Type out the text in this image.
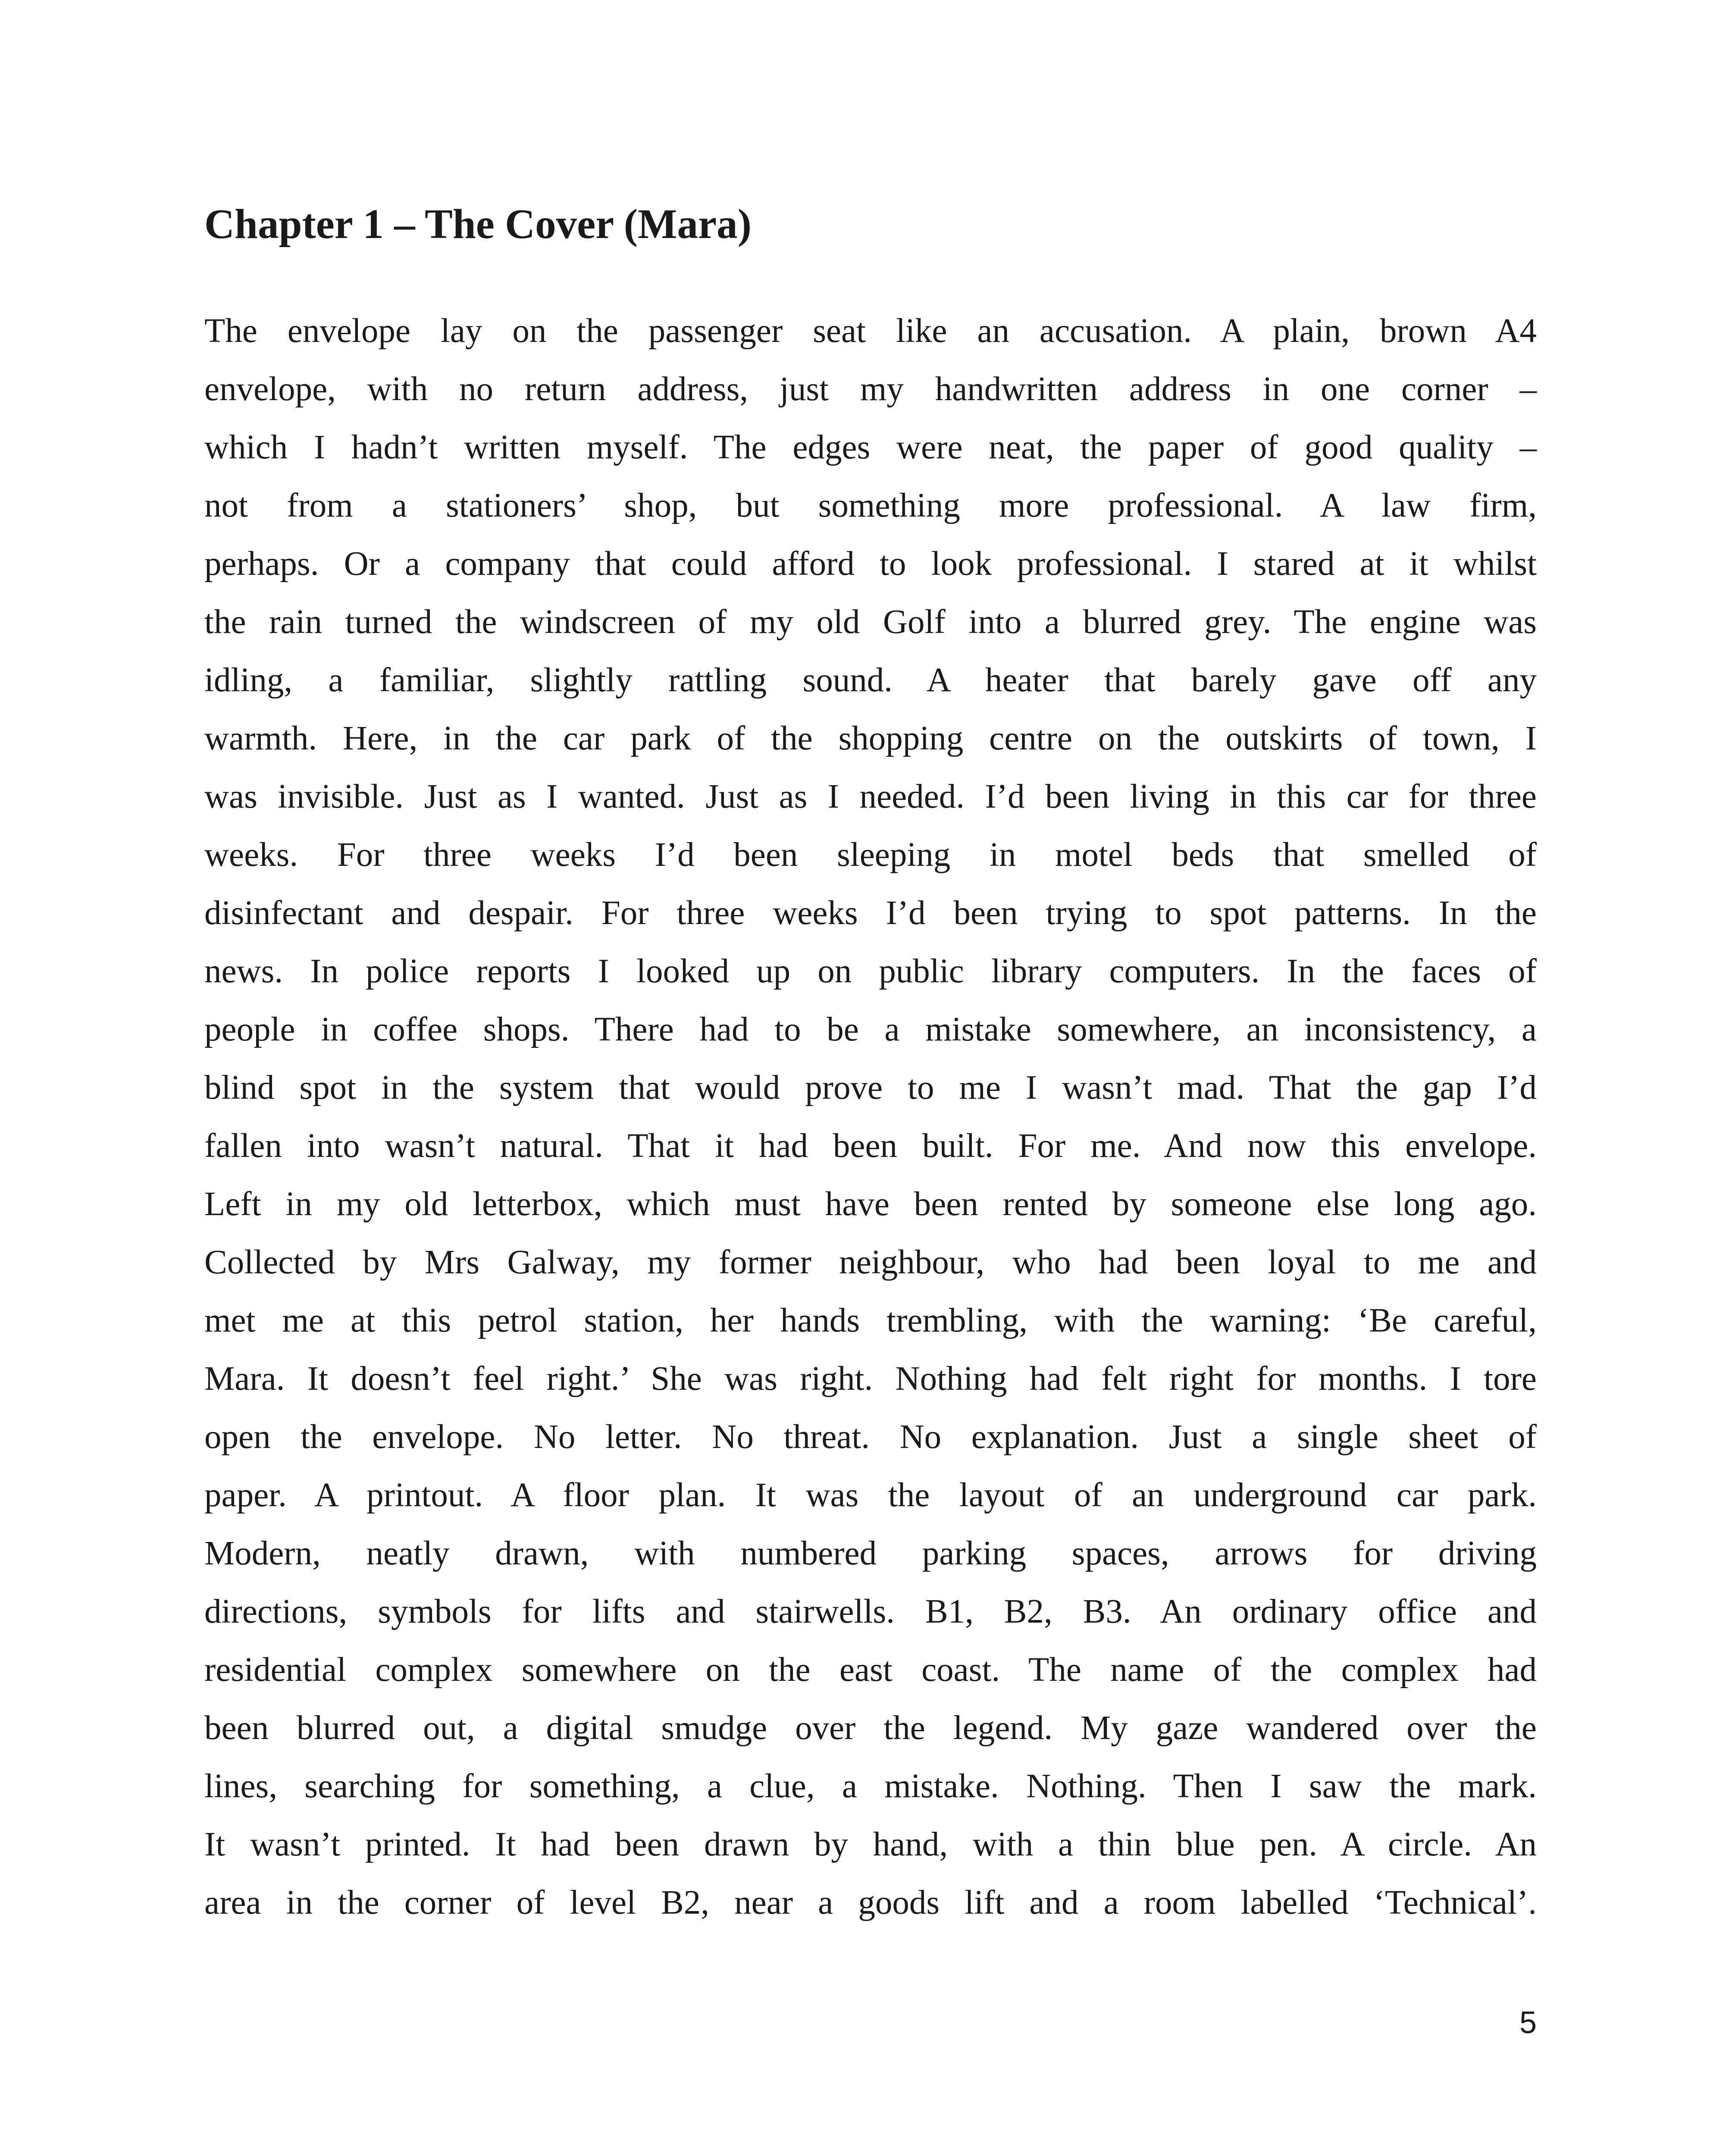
Chapter 1 – The Cover (Mara)
The envelope lay on the passenger seat like an accusation. A plain, brown A4
envelope, with no return address, just my handwritten address in one corner –
which I hadn’t written myself. The edges were neat, the paper of good quality –
not from a stationers’ shop, but something more professional. A law firm,
perhaps. Or a company that could afford to look professional. I stared at it whilst
the rain turned the windscreen of my old Golf into a blurred grey. The engine was
idling, a familiar, slightly rattling sound. A heater that barely gave off any
warmth. Here, in the car park of the shopping centre on the outskirts of town, I
was invisible. Just as I wanted. Just as I needed. I’d been living in this car for three
weeks. For three weeks I’d been sleeping in motel beds that smelled of
disinfectant and despair. For three weeks I’d been trying to spot patterns. In the
news. In police reports I looked up on public library computers. In the faces of
people in coffee shops. There had to be a mistake somewhere, an inconsistency, a
blind spot in the system that would prove to me I wasn’t mad. That the gap I’d
fallen into wasn’t natural. That it had been built. For me. And now this envelope.
Left in my old letterbox, which must have been rented by someone else long ago.
Collected by Mrs Galway, my former neighbour, who had been loyal to me and
met me at this petrol station, her hands trembling, with the warning: ‘Be careful,
Mara. It doesn’t feel right.’ She was right. Nothing had felt right for months. I tore
open the envelope. No letter. No threat. No explanation. Just a single sheet of
paper. A printout. A floor plan. It was the layout of an underground car park.
Modern, neatly drawn, with numbered parking spaces, arrows for driving
directions, symbols for lifts and stairwells. B1, B2, B3. An ordinary office and
residential complex somewhere on the east coast. The name of the complex had
been blurred out, a digital smudge over the legend. My gaze wandered over the
lines, searching for something, a clue, a mistake. Nothing. Then I saw the mark.
It wasn’t printed. It had been drawn by hand, with a thin blue pen. A circle. An
area in the corner of level B2, near a goods lift and a room labelled ‘Technical’.
5
